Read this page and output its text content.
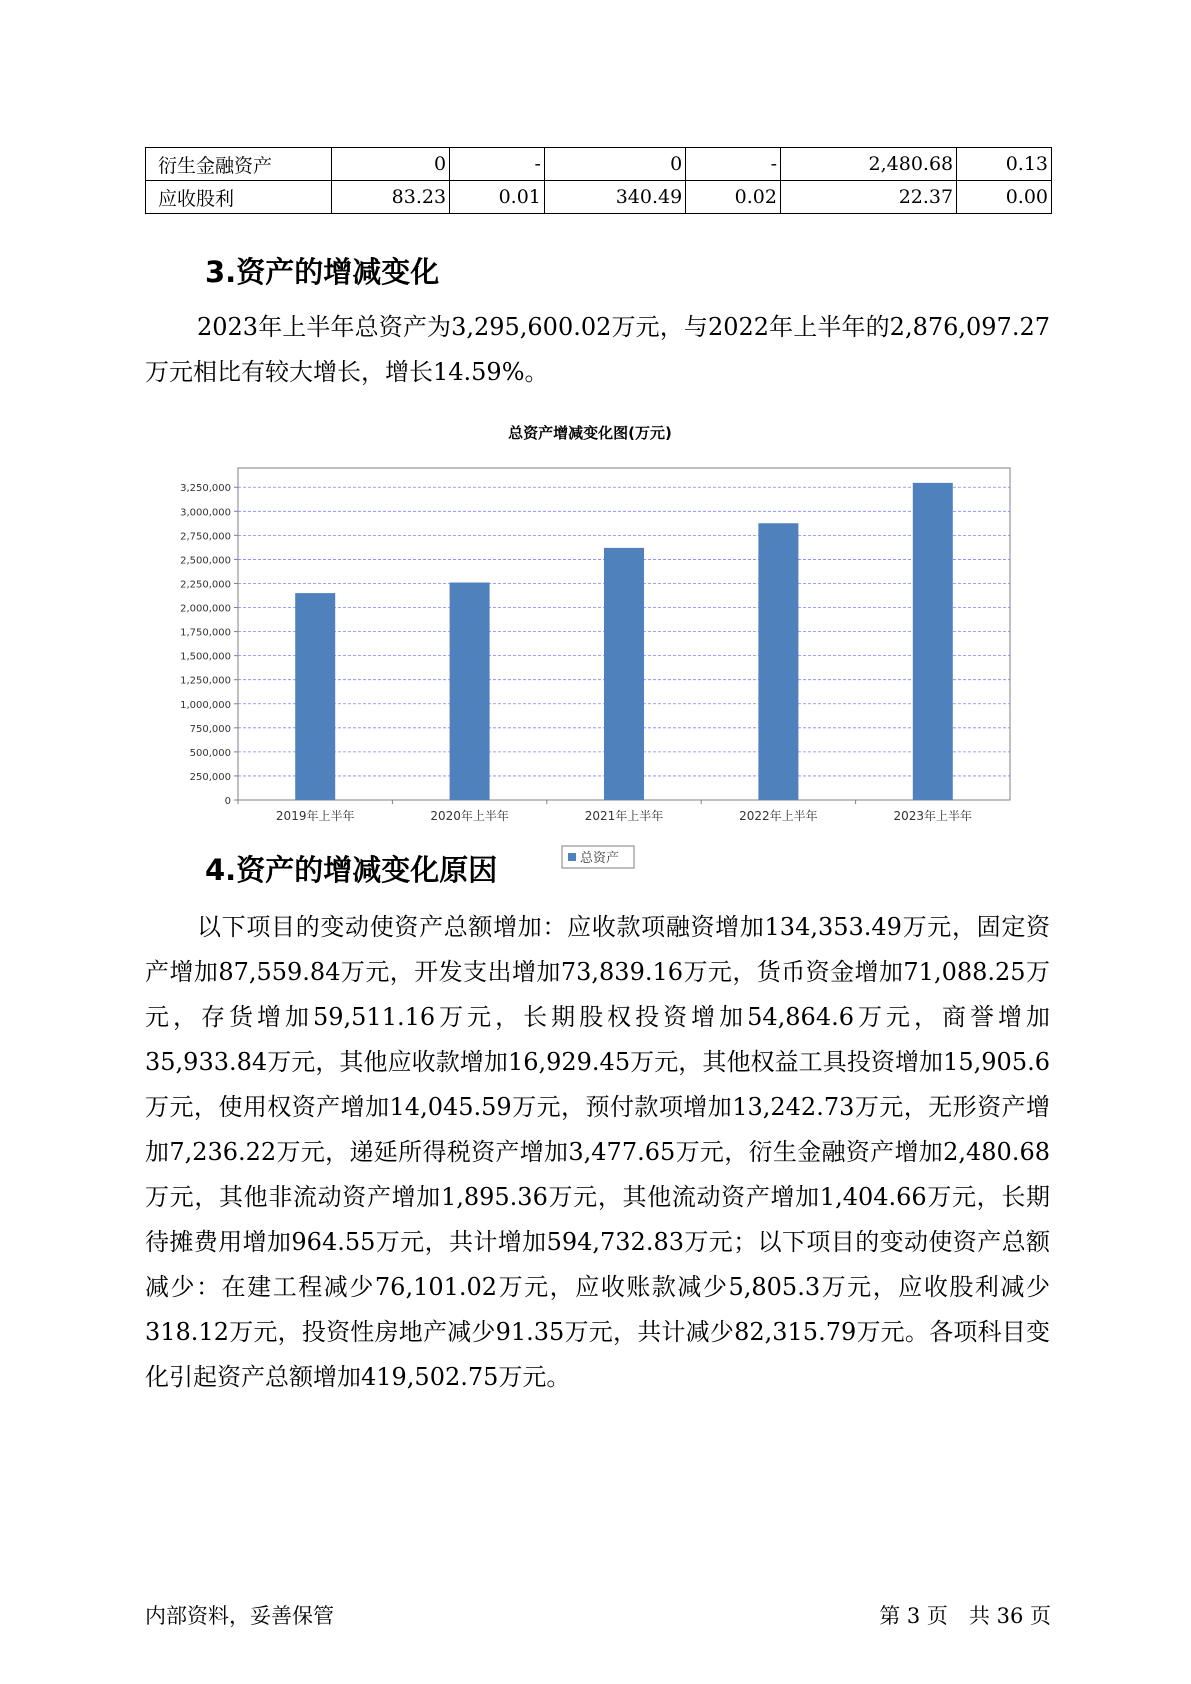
衍生金融资产	0	-	0	-	2,480.68	0.13
应收股利	83.23	0.01	340.49	0.02	22.37	0.00
3.资产的增减变化

2023年上半年总资产为3,295,600.02万元，与2022年上半年的2,876,097.27万元相比有较大增长，增长14.59%。

总资产增减变化图(万元)
0
250,000
500,000
750,000
1,000,000
1,250,000
1,500,000
1,750,000
2,000,000
2,250,000
2,500,000
2,750,000
3,000,000
3,250,000
2019年上半年	2020年上半年	2021年上半年	2022年上半年	2023年上半年
总资产
4.资产的增减变化原因

以下项目的变动使资产总额增加：应收款项融资增加134,353.49万元，固定资产增加87,559.84万元，开发支出增加73,839.16万元，货币资金增加71,088.25万元，存货增加59,511.16万元，长期股权投资增加54,864.6万元，商誉增加35,933.84万元，其他应收款增加16,929.45万元，其他权益工具投资增加15,905.6万元，使用权资产增加14,045.59万元，预付款项增加13,242.73万元，无形资产增加7,236.22万元，递延所得税资产增加3,477.65万元，衍生金融资产增加2,480.68万元，其他非流动资产增加1,895.36万元，其他流动资产增加1,404.66万元，长期待摊费用增加964.55万元，共计增加594,732.83万元；以下项目的变动使资产总额减少：在建工程减少76,101.02万元，应收账款减少5,805.3万元，应收股利减少318.12万元，投资性房地产减少91.35万元，共计减少82,315.79万元。各项科目变化引起资产总额增加419,502.75万元。

内部资料，妥善保管	第 3 页　共 36 页
